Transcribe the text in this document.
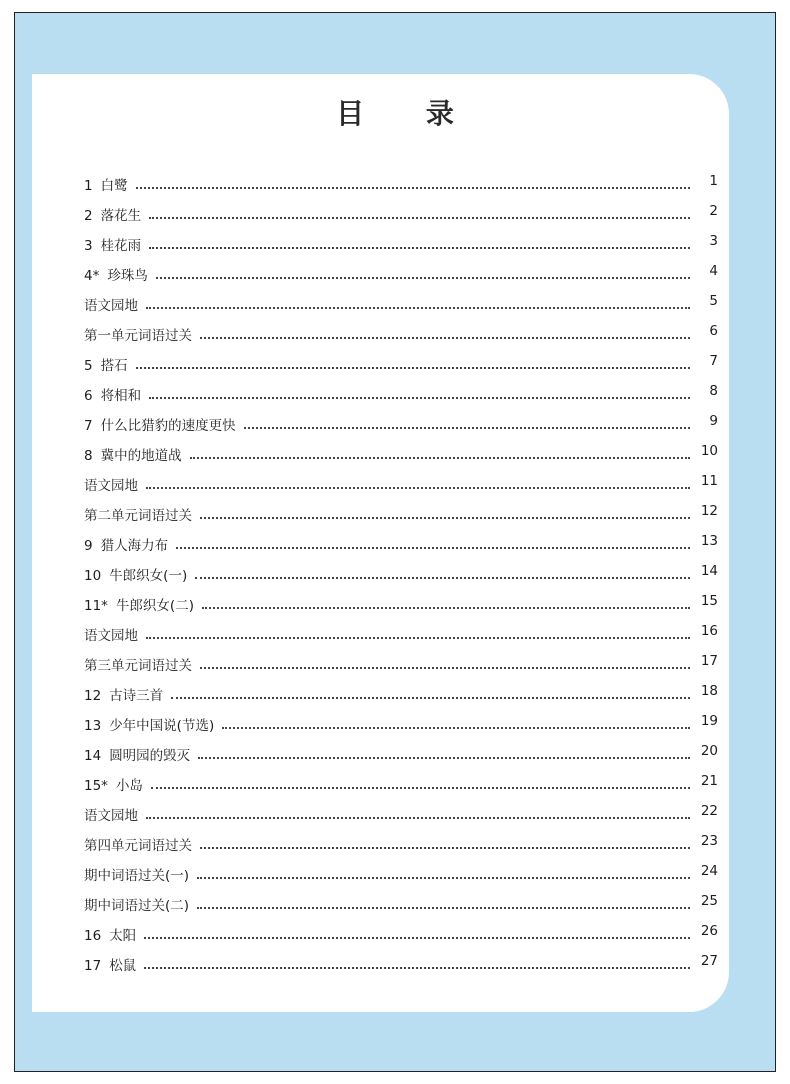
目 录
1 白鹭	1
2 落花生	2
3 桂花雨	3
4* 珍珠鸟	4
语文园地	5
第一单元词语过关	6
5 搭石	7
6 将相和	8
7 什么比猎豹的速度更快	9
8 冀中的地道战	10
语文园地	11
第二单元词语过关	12
9 猎人海力布	13
10 牛郎织女(一)	14
11* 牛郎织女(二)	15
语文园地	16
第三单元词语过关	17
12 古诗三首	18
13 少年中国说(节选)	19
14 圆明园的毁灭	20
15* 小岛	21
语文园地	22
第四单元词语过关	23
期中词语过关(一)	24
期中词语过关(二)	25
16 太阳	26
17 松鼠	27
